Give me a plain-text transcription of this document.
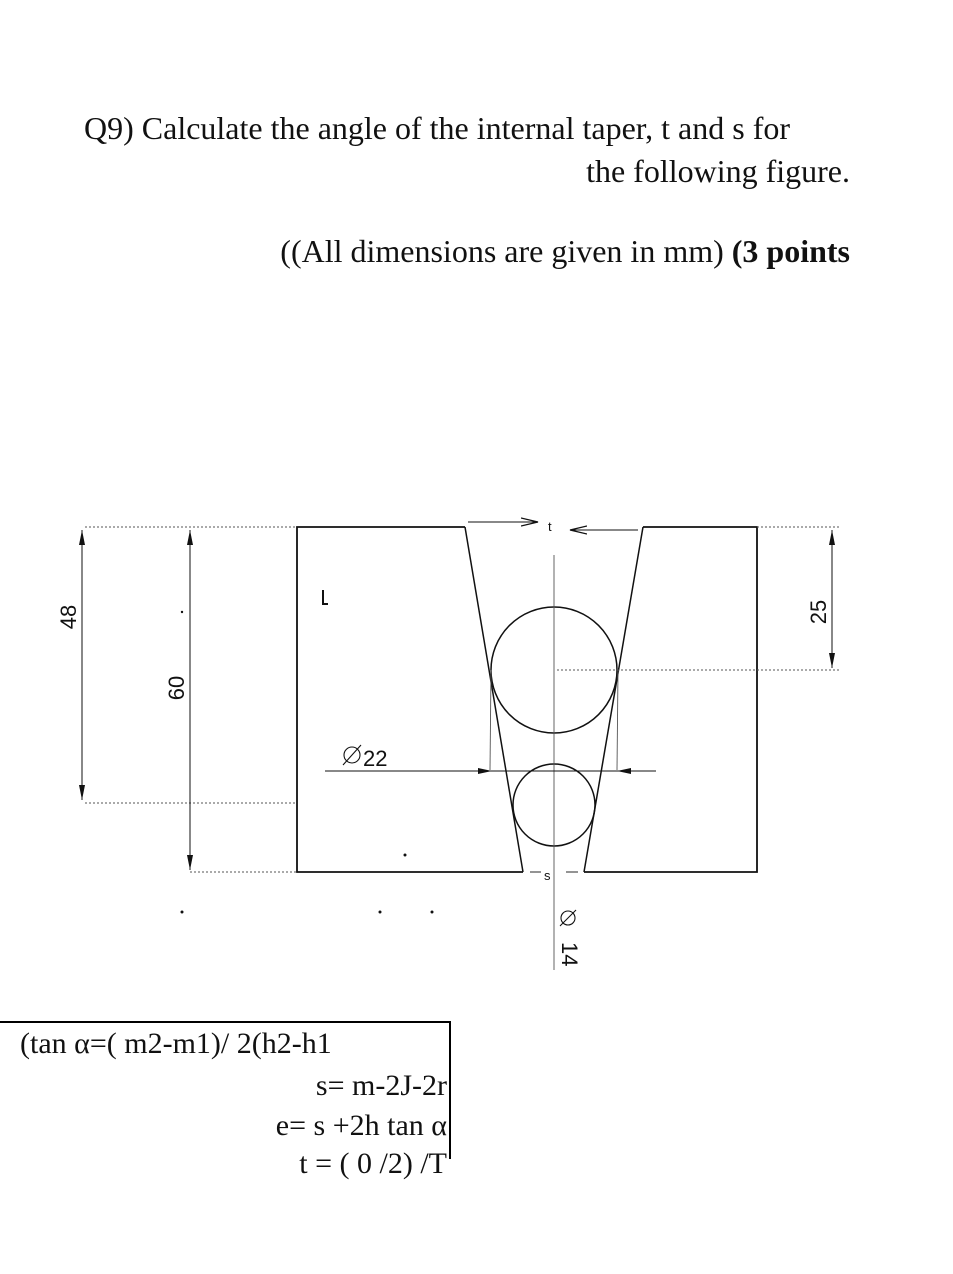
Q9) Calculate the angle of the internal taper, t and s for
the following figure.
((All dimensions are given in mm) (3 points
48
60
25
22
t
s
14
(tan α=( m2-m1)/ 2(h2-h1
s= m-2J-2r
e= s +2h tan α
t = ( 0 /2) /T
